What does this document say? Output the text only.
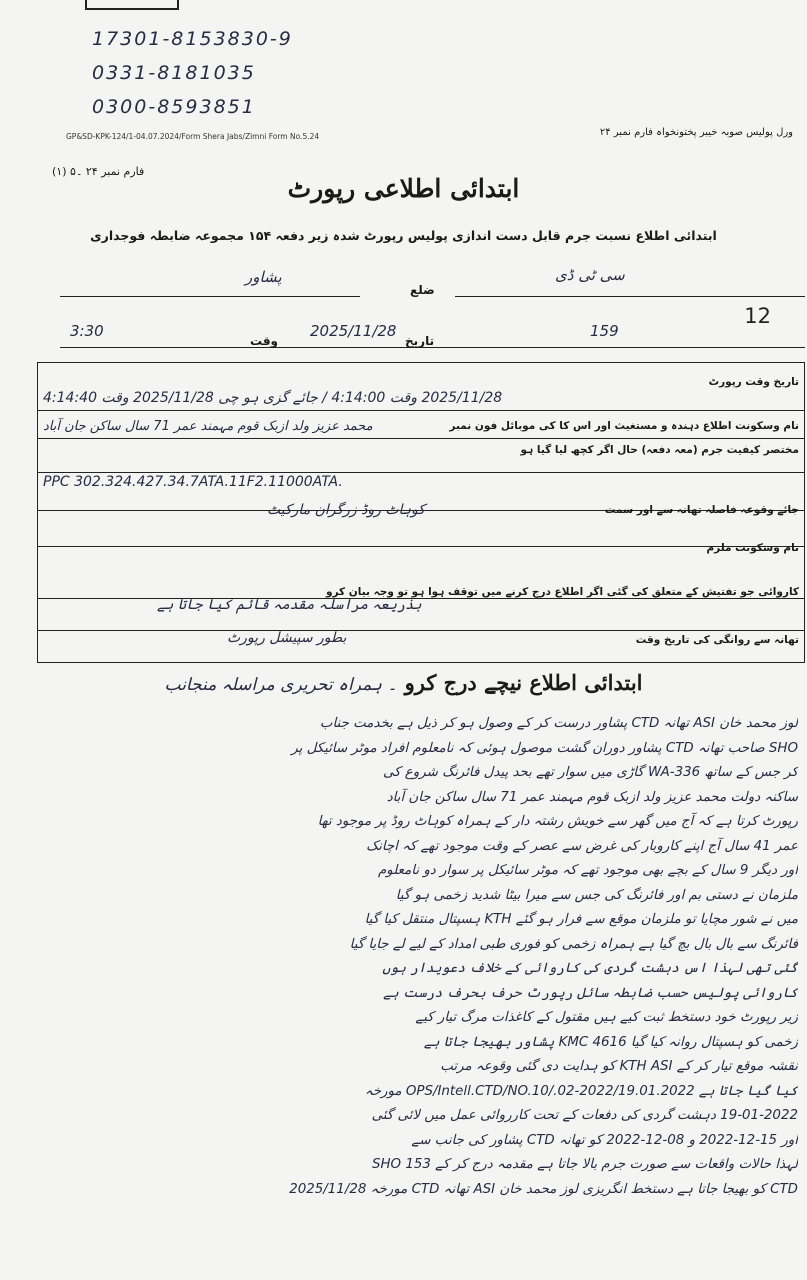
17301-8153830-9
0331-8181035
0300-8593851
GP&SD-KPK-124/1-04.07.2024/Form Shera Jabs/Zimni Form No.5.24	ورل پولیس صوبہ خیبر پختونخواہ فارم نمبر ۲۴
فارم نمبر ۲۴ ۔۵ (۱)
ابتدائی اطلاعی رپورٹ
ابتدائی اطلاع نسبت جرم قابل دست اندازی پولیس رپورٹ شدہ زیر دفعہ ۱۵۴ مجموعہ ضابطہ فوجداری
ضلع
پشاور	سی ٹی ڈی
12
تاریخ
2025/11/28
وقت
3:30	159
تاریخ وقت رپورٹ
2025/11/28 وقت 4:14:00 / جائے گزی ہو چی 2025/11/28 وقت 4:14:40
نام وسکونت اطلاع دہندہ و مستغیث اور اس کا کی موبائل فون نمبر
محمد عزیز ولد ازبک قوم مہمند عمر 71 سال ساکن جان آباد
مختصر کیفیت جرم (معہ دفعہ) حال اگر کچھ لیا گیا ہو
PPC 302.324.427.34.7ATA.11F2.11000ATA.
جائے وقوعہ فاصلہ تھانہ سے اور سمت
کوہاٹ روڈ زرگران مارکیٹ
نام وسکونت ملزم
کاروائی جو تفتیش کے متعلق کی گئی اگر اطلاع درج کرنے میں توقف ہوا ہو تو وجہ بیان کرو
بذریعہ مراسلہ مقدمہ قائم کیا جاتا ہے
تھانہ سے روانگی کی تاریخ وقت
بطور سپیشل رپورٹ
ابتدائی اطلاع نیچے درج کرو ۔ ہمراہ تحریری مراسلہ منجانب
لوز محمد خان ASI تھانہ CTD پشاور درست کر کے وصول ہو کر ذیل ہے بخدمت جناب
SHO صاحب تھانہ CTD پشاور دوران گشت موصول ہوئی کہ نامعلوم افراد موٹر سائیکل پر
کر جس کے ساتھ WA-336 گاڑی میں سوار تھے بحد پیدل فائرنگ شروع کی
ساکنہ دولت محمد عزیز ولد ازبک قوم مہمند عمر 71 سال ساکن جان آباد
رپورٹ کرتا ہے کہ آج میں گھر سے خویش رشتہ دار کے ہمراہ کوہاٹ روڈ پر موجود تھا
عمر 41 سال آج اپنے کاروبار کی غرض سے عصر کے وقت موجود تھے کہ اچانک
اور دیگر 9 سال کے بچے بھی موجود تھے کہ موٹر سائیکل پر سوار دو نامعلوم
ملزمان نے دستی بم اور فائرنگ کی جس سے میرا بیٹا شدید زخمی ہو گیا
میں نے شور مچایا تو ملزمان موقع سے فرار ہو گئے KTH ہسپتال منتقل کیا گیا
فائرنگ سے بال بال بچ گیا ہے ہمراہ زخمی کو فوری طبی امداد کے لیے لے جایا گیا
گئی تھی لہذا اس دہشت گردی کی کاروائی کے خلاف دعویدار ہوں
کاروائی پولیس حسب ضابطہ سائل رپورٹ حرف بحرف درست ہے
زیر رپورٹ خود دستخط ثبت کیے ہیں مقتول کے کاغذات مرگ تیار کیے
زخمی کو ہسپتال روانہ کیا گیا KMC 4616 پشاور بھیجا جاتا ہے
نقشہ موقع تیار کر کے KTH ASI کو ہدایت دی گئی وقوعہ مرتب
کیا گیا جاتا ہے OPS/Intell.CTD/NO.10/.02-2022/19.01.2022 مورخہ
19-01-2022 دہشت گردی کی دفعات کے تحت کارروائی عمل میں لائی گئی
اور 15-12-2022 و 08-12-2022 کو تھانہ CTD پشاور کی جانب سے
لہذا حالات واقعات سے صورت جرم بالا جاتا ہے مقدمہ درج کر کے SHO 153
CTD کو بھیجا جاتا ہے دستخط انگریزی لوز محمد خان ASI تھانہ CTD مورخہ 2025/11/28
